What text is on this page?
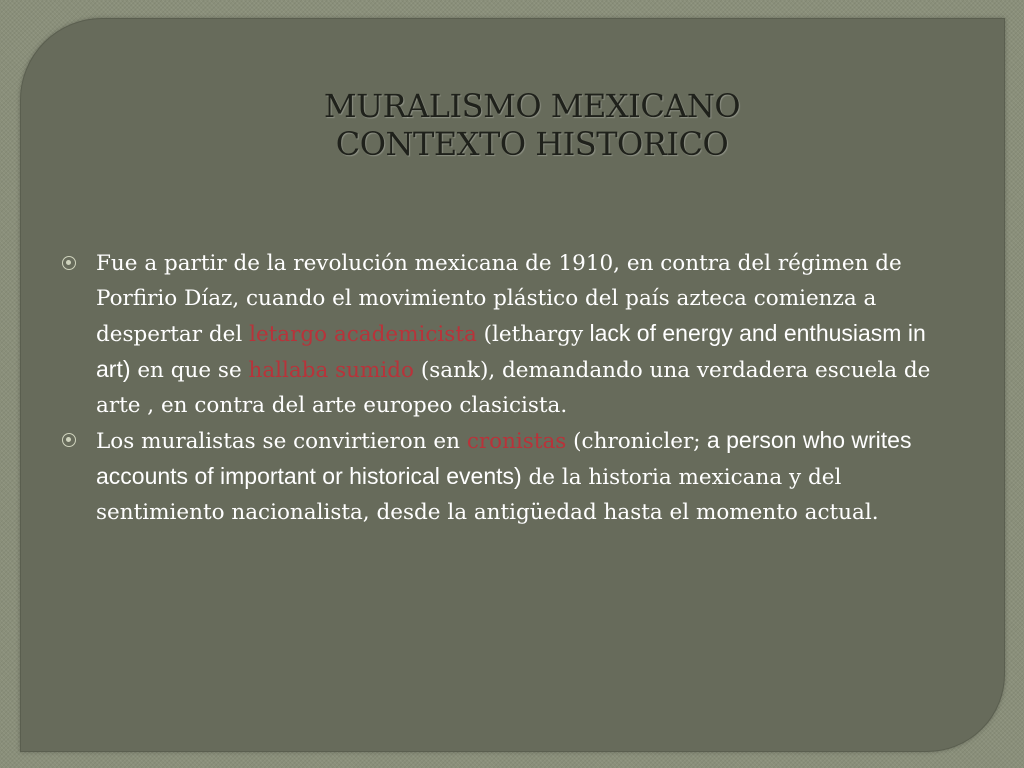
MURALISMO MEXICANO
CONTEXTO HISTORICO
Fue a partir de la revolución mexicana de 1910, en contra del régimen de Porfirio Díaz, cuando el movimiento plástico del país azteca comienza a despertar del letargo academicista (lethargy lack of energy and enthusiasm in art) en que se hallaba sumido (sank), demandando una verdadera escuela de arte , en contra del arte europeo clasicista.
Los muralistas se convirtieron en cronistas (chronicler; a person who writes accounts of important or historical events) de la historia mexicana y del sentimiento nacionalista, desde la antigüedad hasta el momento actual.
